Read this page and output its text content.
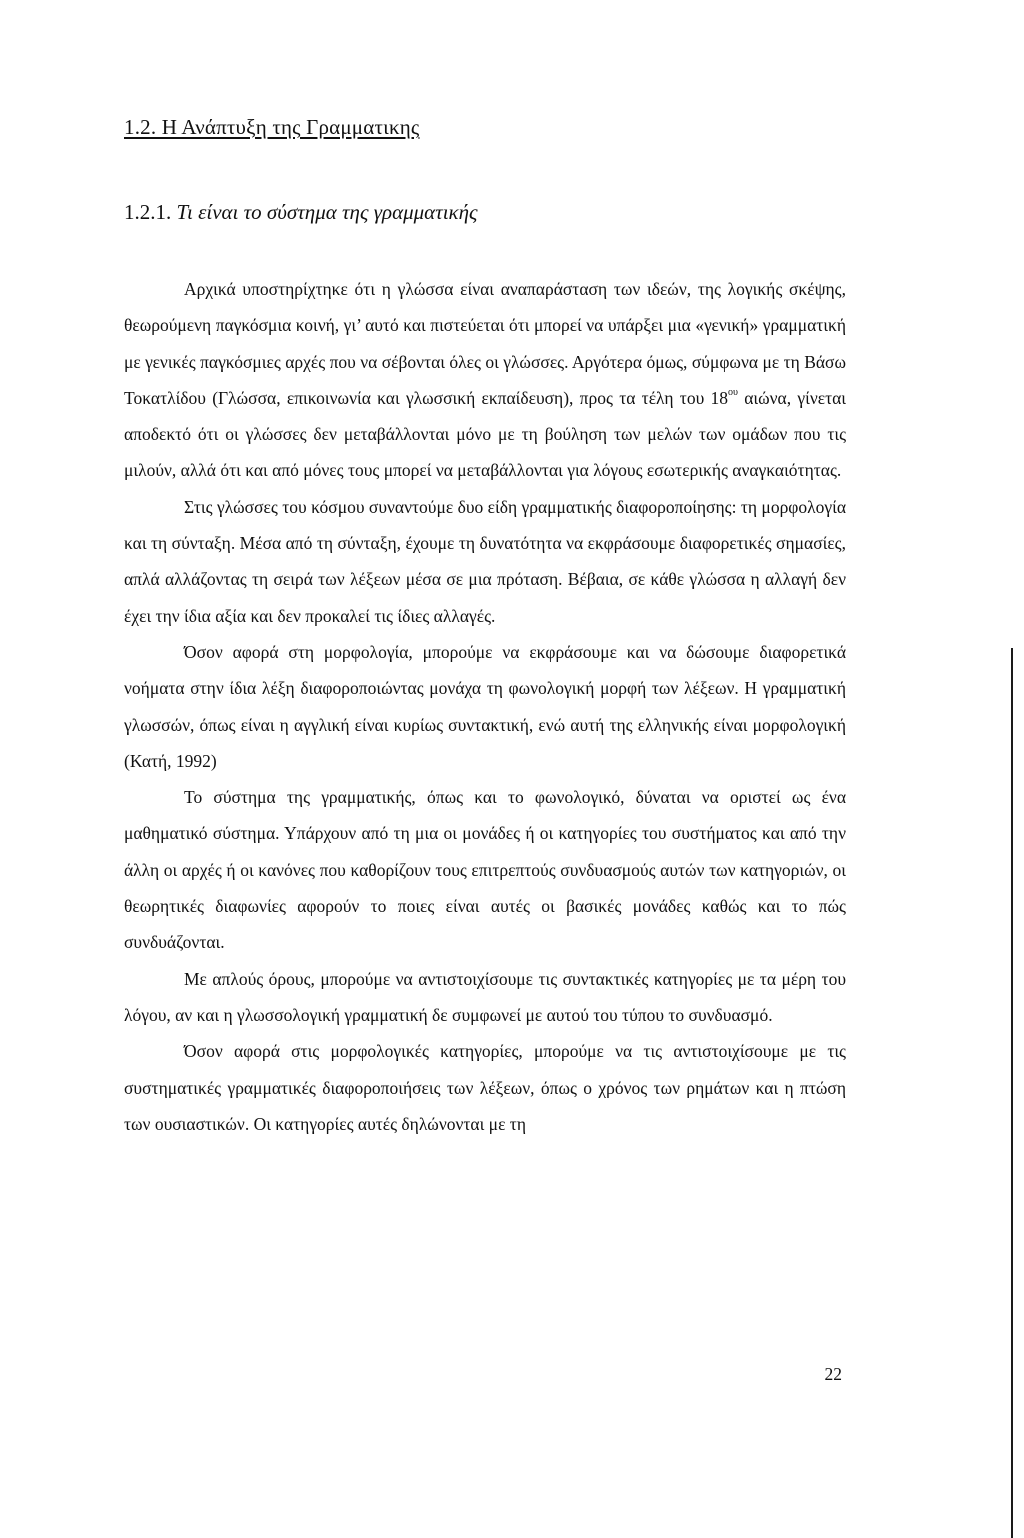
1.2. Η Ανάπτυξη της Γραμματικης
1.2.1. Τι είναι το σύστημα της γραμματικής

Αρχικά υποστηρίχτηκε ότι η γλώσσα είναι αναπαράσταση των ιδεών, της λογικής σκέψης, θεωρούμενη παγκόσμια κοινή, γι’ αυτό και πιστεύεται ότι μπορεί να υπάρξει μια «γενική» γραμματική με γενικές παγκόσμιες αρχές που να σέβονται όλες οι γλώσσες. Αργότερα όμως, σύμφωνα με τη Βάσω Τοκατλίδου (Γλώσσα, επικοινωνία και γλωσσική εκπαίδευση), προς τα τέλη του $18^{o\upsilon}$ αιώνα, γίνεται αποδεκτό ότι οι γλώσσες δεν μεταβάλλονται μόνο με τη βούληση των μελών των ομάδων που τις μιλούν, αλλά ότι και από μόνες τους μπορεί να μεταβάλλονται για λόγους εσωτερικής αναγκαιότητας.

Στις γλώσσες του κόσμου συναντούμε δυο είδη γραμματικής διαφοροποίησης: τη μορφολογία και τη σύνταξη. Μέσα από τη σύνταξη, έχουμε τη δυνατότητα να εκφράσουμε διαφορετικές σημασίες, απλά αλλάζοντας τη σειρά των λέξεων μέσα σε μια πρόταση. Βέβαια, σε κάθε γλώσσα η αλλαγή δεν έχει την ίδια αξία και δεν προκαλεί τις ίδιες αλλαγές.

Όσον αφορά στη μορφολογία, μπορούμε να εκφράσουμε και να δώσουμε διαφορετικά νοήματα στην ίδια λέξη διαφοροποιώντας μονάχα τη φωνολογική μορφή των λέξεων. Η γραμματική γλωσσών, όπως είναι η αγγλική είναι κυρίως συντακτική, ενώ αυτή της ελληνικής είναι μορφολογική (Κατή, 1992)

Το σύστημα της γραμματικής, όπως και το φωνολογικό, δύναται να οριστεί ως ένα μαθηματικό σύστημα. Υπάρχουν από τη μια οι μονάδες ή οι κατηγορίες του συστήματος και από την άλλη οι αρχές ή οι κανόνες που καθορίζουν τους επιτρεπτούς συνδυασμούς αυτών των κατηγοριών, οι θεωρητικές διαφωνίες αφορούν το ποιες είναι αυτές οι βασικές μονάδες καθώς και το πώς συνδυάζονται.

Με απλούς όρους, μπορούμε να αντιστοιχίσουμε τις συντακτικές κατηγορίες με τα μέρη του λόγου, αν και η γλωσσολογική γραμματική δε συμφωνεί με αυτού του τύπου το συνδυασμό.

Όσον αφορά στις μορφολογικές κατηγορίες, μπορούμε να τις αντιστοιχίσουμε με τις συστηματικές γραμματικές διαφοροποιήσεις των λέξεων, όπως ο χρόνος των ρημάτων και η πτώση των ουσιαστικών. Οι κατηγορίες αυτές δηλώνονται με τη

22
